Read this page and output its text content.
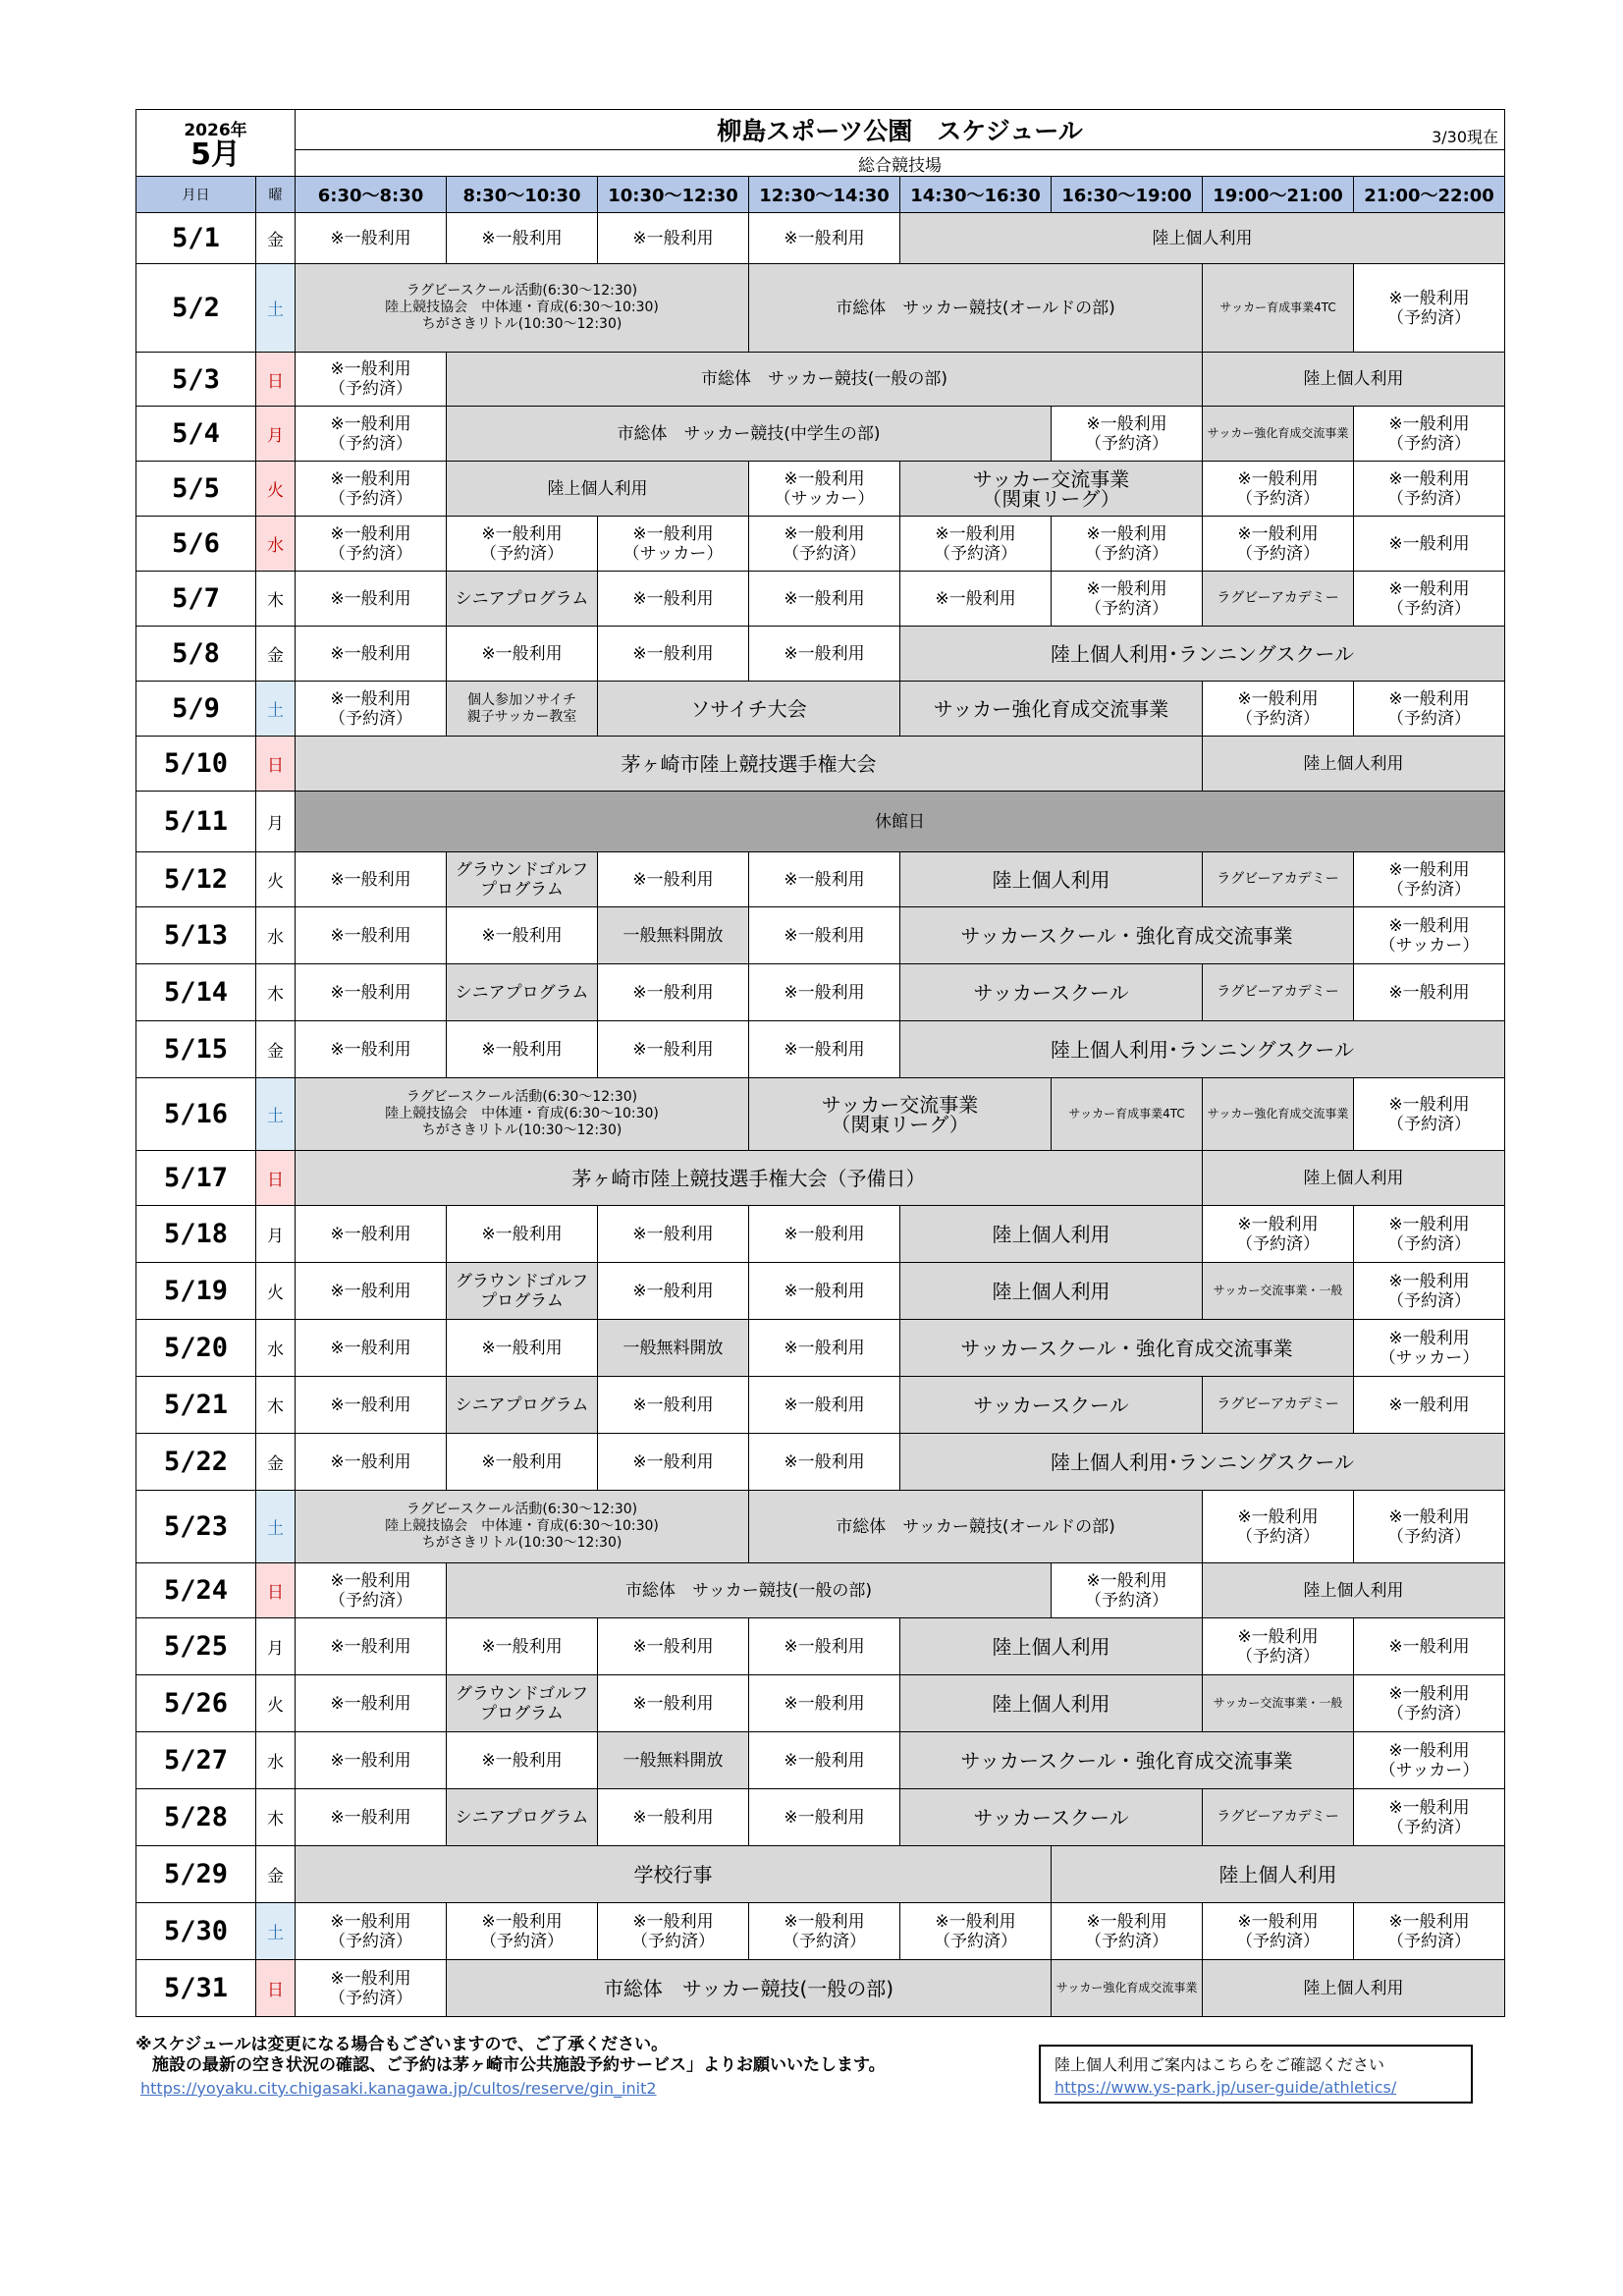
2026年
5月		柳島スポーツ公園　スケジュール 3/30現在							

		総合競技場							
月日	曜	6:30～8:30	8:30～10:30	10:30～12:30	12:30～14:30	14:30～16:30	16:30～19:00	19:00～21:00	21:00～22:00
5/1	金	※一般利用	※一般利用	※一般利用	※一般利用	陸上個人利用			
5/2	土	ラグビースクール活動(6:30～12:30)
陸上競技協会　中体連・育成(6:30～10:30)
ちがさきリトル(10:30～12:30)			市総体　サッカー競技(オールドの部)			サッカー育成事業4TC	※一般利用
（予約済）
5/3	日	※一般利用
（予約済）	市総体　サッカー競技(一般の部)					陸上個人利用	
5/4	月	※一般利用
（予約済）	市総体　サッカー競技(中学生の部)				※一般利用
（予約済）	サッカー強化育成交流事業	※一般利用
（予約済）
5/5	火	※一般利用
（予約済）	陸上個人利用		※一般利用
（サッカー）	サッカー交流事業
（関東リーグ）		※一般利用
（予約済）	※一般利用
（予約済）
5/6	水	※一般利用
（予約済）	※一般利用
（予約済）	※一般利用
（サッカー）	※一般利用
（予約済）	※一般利用
（予約済）	※一般利用
（予約済）	※一般利用
（予約済）	※一般利用
5/7	木	※一般利用	シニアプログラム	※一般利用	※一般利用	※一般利用	※一般利用
（予約済）	ラグビーアカデミー	※一般利用
（予約済）
5/8	金	※一般利用	※一般利用	※一般利用	※一般利用	陸上個人利用･ランニングスクール			
5/9	土	※一般利用
（予約済）	個人参加ソサイチ
親子サッカー教室	ソサイチ大会		サッカー強化育成交流事業		※一般利用
（予約済）	※一般利用
（予約済）
5/10	日	茅ヶ崎市陸上競技選手権大会						陸上個人利用	
5/11	月	休館日							
5/12	火	※一般利用	グラウンドゴルフ
プログラム	※一般利用	※一般利用	陸上個人利用		ラグビーアカデミー	※一般利用
（予約済）
5/13	水	※一般利用	※一般利用	一般無料開放	※一般利用	サッカースクール・強化育成交流事業			※一般利用
（サッカー）
5/14	木	※一般利用	シニアプログラム	※一般利用	※一般利用	サッカースクール		ラグビーアカデミー	※一般利用
5/15	金	※一般利用	※一般利用	※一般利用	※一般利用	陸上個人利用･ランニングスクール			
5/16	土	ラグビースクール活動(6:30～12:30)
陸上競技協会　中体連・育成(6:30～10:30)
ちがさきリトル(10:30～12:30)			サッカー交流事業
（関東リーグ）		サッカー育成事業4TC	サッカー強化育成交流事業	※一般利用
（予約済）
5/17	日	茅ヶ崎市陸上競技選手権大会（予備日）						陸上個人利用	
5/18	月	※一般利用	※一般利用	※一般利用	※一般利用	陸上個人利用		※一般利用
（予約済）	※一般利用
（予約済）
5/19	火	※一般利用	グラウンドゴルフ
プログラム	※一般利用	※一般利用	陸上個人利用		サッカー交流事業・一般	※一般利用
（予約済）
5/20	水	※一般利用	※一般利用	一般無料開放	※一般利用	サッカースクール・強化育成交流事業			※一般利用
（サッカー）
5/21	木	※一般利用	シニアプログラム	※一般利用	※一般利用	サッカースクール		ラグビーアカデミー	※一般利用
5/22	金	※一般利用	※一般利用	※一般利用	※一般利用	陸上個人利用･ランニングスクール			
5/23	土	ラグビースクール活動(6:30～12:30)
陸上競技協会　中体連・育成(6:30～10:30)
ちがさきリトル(10:30～12:30)			市総体　サッカー競技(オールドの部)			※一般利用
（予約済）	※一般利用
（予約済）
5/24	日	※一般利用
（予約済）	市総体　サッカー競技(一般の部)				※一般利用
（予約済）	陸上個人利用	
5/25	月	※一般利用	※一般利用	※一般利用	※一般利用	陸上個人利用		※一般利用
（予約済）	※一般利用
5/26	火	※一般利用	グラウンドゴルフ
プログラム	※一般利用	※一般利用	陸上個人利用		サッカー交流事業・一般	※一般利用
（予約済）
5/27	水	※一般利用	※一般利用	一般無料開放	※一般利用	サッカースクール・強化育成交流事業			※一般利用
（サッカー）
5/28	木	※一般利用	シニアプログラム	※一般利用	※一般利用	サッカースクール		ラグビーアカデミー	※一般利用
（予約済）
5/29	金	学校行事					陸上個人利用		
5/30	土	※一般利用
（予約済）	※一般利用
（予約済）	※一般利用
（予約済）	※一般利用
（予約済）	※一般利用
（予約済）	※一般利用
（予約済）	※一般利用
（予約済）	※一般利用
（予約済）
5/31	日	※一般利用
（予約済）	市総体　サッカー競技(一般の部)				サッカー強化育成交流事業	陸上個人利用	
※スケジュールは変更になる場合もございますので、ご了承ください。
　施設の最新の空き状況の確認、ご予約は茅ヶ崎市公共施設予約サービス」よりお願いいたします。
https://yoyaku.city.chigasaki.kanagawa.jp/cultos/reserve/gin_init2
陸上個人利用ご案内はこちらをご確認ください
https://www.ys-park.jp/user-guide/athletics/
